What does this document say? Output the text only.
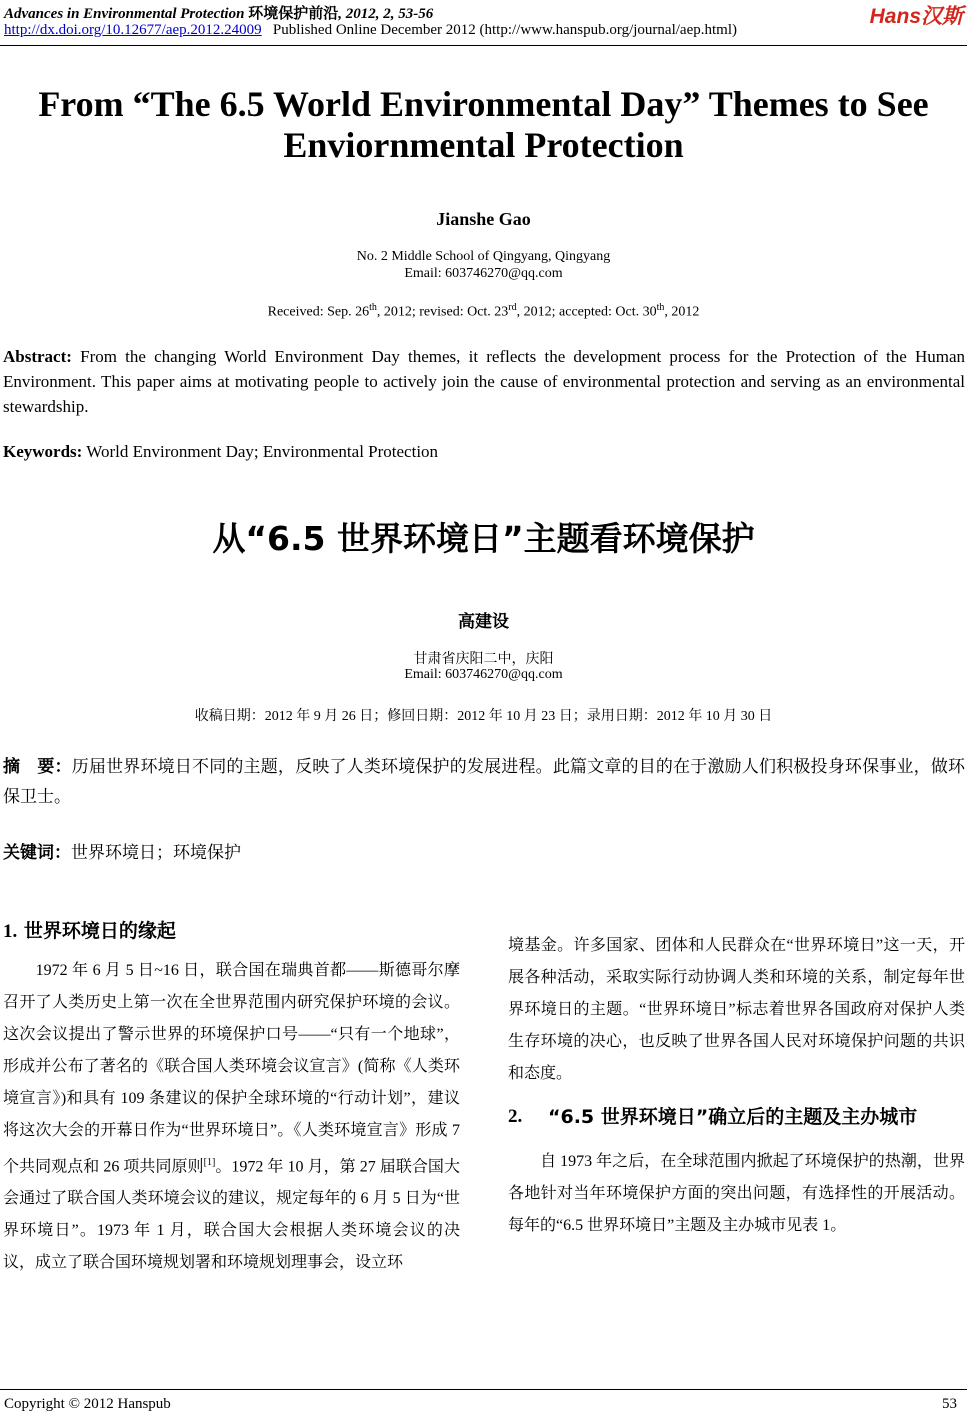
Advances in Environmental Protection 环境保护前沿, 2012, 2, 53-56	Hans汉斯
http://dx.doi.org/10.12677/aep.2012.24009 Published Online December 2012 (http://www.hanspub.org/journal/aep.html)
From “The 6.5 World Environmental Day” Themes to See Enviornmental Protection
Jianshe Gao
No. 2 Middle School of Qingyang, Qingyang
Email: 603746270@qq.com
Received: Sep. 26th, 2012; revised: Oct. 23rd, 2012; accepted: Oct. 30th, 2012
Abstract: From the changing World Environment Day themes, it reflects the development process for the Protection of the Human Environment. This paper aims at motivating people to actively join the cause of environmental protection and serving as an environmental stewardship.
Keywords: World Environment Day; Environmental Protection
从“6.5 世界环境日”主题看环境保护
高建设
甘肃省庆阳二中，庆阳
Email: 603746270@qq.com
收稿日期：2012 年 9 月 26 日；修回日期：2012 年 10 月 23 日；录用日期：2012 年 10 月 30 日
摘　要：历届世界环境日不同的主题，反映了人类环境保护的发展进程。此篇文章的目的在于激励人们积极投身环保事业，做环保卫士。
关键词：世界环境日；环境保护
1. 世界环境日的缘起

　　1972 年 6 月 5 日~16 日，联合国在瑞典首都——斯德哥尔摩召开了人类历史上第一次在全世界范围内研究保护环境的会议。这次会议提出了警示世界的环境保护口号——“只有一个地球”，形成并公布了著名的《联合国人类环境会议宣言》(简称《人类环境宣言》)和具有 109 条建议的保护全球环境的“行动计划”，建议将这次大会的开幕日作为“世界环境日”。《人类环境宣言》形成 7 个共同观点和 26 项共同原则[1]。1972 年 10 月，第 27 届联合国大会通过了联合国人类环境会议的建议，规定每年的 6 月 5 日为“世界环境日”。1973 年 1 月，联合国大会根据人类环境会议的决议，成立了联合国环境规划署和环境规划理事会，设立环

境基金。许多国家、团体和人民群众在“世界环境日”这一天，开展各种活动，采取实际行动协调人类和环境的关系，制定每年世界环境日的主题。“世界环境日”标志着世界各国政府对保护人类生存环境的决心，也反映了世界各国人民对环境保护问题的共识和态度。

2.	“6.5 世界环境日”确立后的主题及主办城市

　　自 1973 年之后，在全球范围内掀起了环境保护的热潮，世界各地针对当年环境保护方面的突出问题，有选择性的开展活动。每年的“6.5 世界环境日”主题及主办城市见表 1。

Copyright © 2012 Hanspub	53
